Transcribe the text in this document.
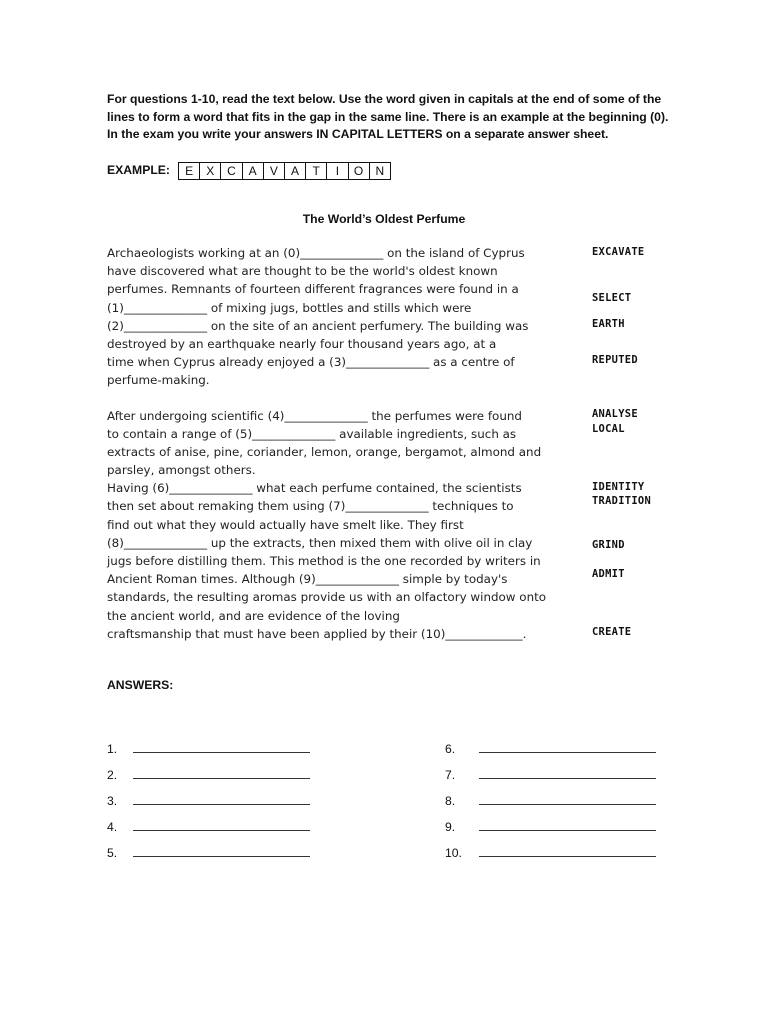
For questions 1-10, read the text below. Use the word given in capitals at the end of some of the
lines to form a word that fits in the gap in the same line. There is an example at the beginning (0).
In the exam you write your answers IN CAPITAL LETTERS on a separate answer sheet.
EXAMPLE:	E	X	C	A	V	A	T	I	O	N
The World’s Oldest Perfume
Archaeologists working at an (0)______________ on the island of Cyprus
have discovered what are thought to be the world's oldest known
perfumes. Remnants of fourteen different fragrances were found in a
(1)______________ of mixing jugs, bottles and stills which were
(2)______________ on the site of an ancient perfumery. The building was
destroyed by an earthquake nearly four thousand years ago, at a
time when Cyprus already enjoyed a (3)______________ as a centre of
perfume-making.
After undergoing scientific (4)______________ the perfumes were found
to contain a range of (5)______________ available ingredients, such as
extracts of anise, pine, coriander, lemon, orange, bergamot, almond and
parsley, amongst others.
Having (6)______________ what each perfume contained, the scientists
then set about remaking them using (7)______________ techniques to
find out what they would actually have smelt like. They first
(8)______________ up the extracts, then mixed them with olive oil in clay
jugs before distilling them. This method is the one recorded by writers in
Ancient Roman times. Although (9)______________ simple by today's
standards, the resulting aromas provide us with an olfactory window onto
the ancient world, and are evidence of the loving
craftsmanship that must have been applied by their (10)_____________.
EXCAVATE
SELECT
EARTH
REPUTED
ANALYSE
LOCAL
IDENTITY
TRADITION
GRIND
ADMIT
CREATE
ANSWERS:
1.
2.
3.
4.
5.
6.
7.
8.
9.
10.
